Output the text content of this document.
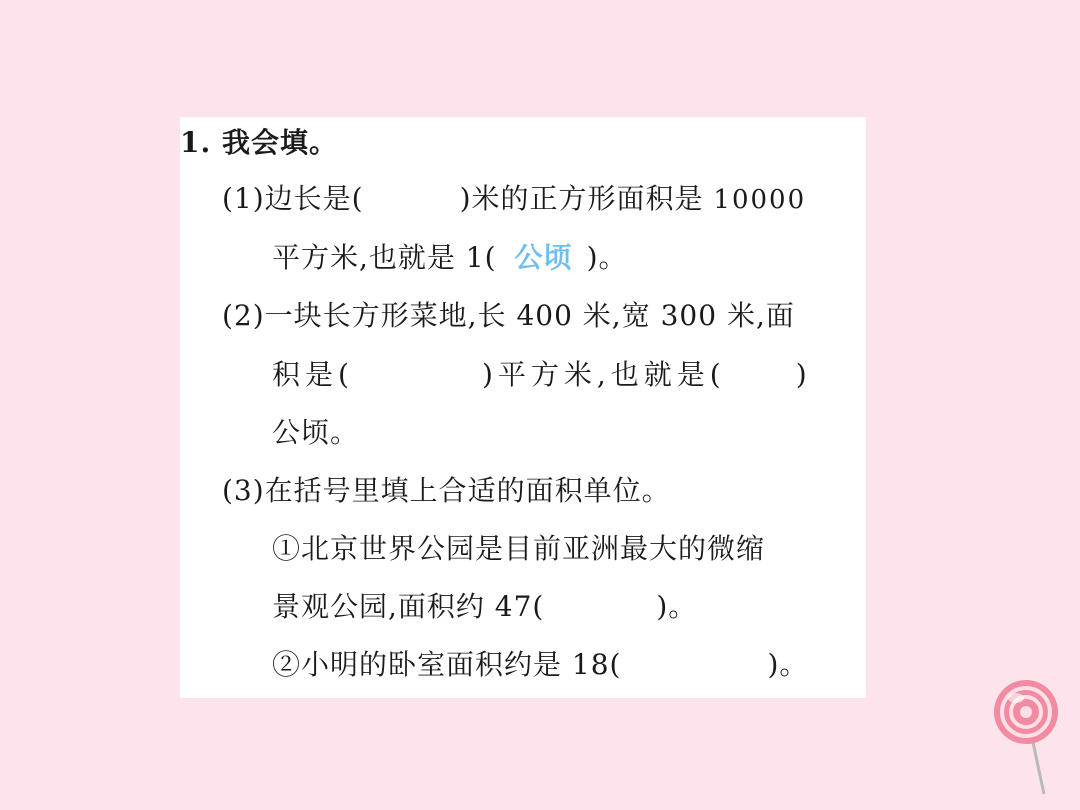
1. 我会填。
(1)边长是(	)米的正方形面积是 10000
平方米,也就是 1( 公顷 )。
(2)一块长方形菜地,长 400 米,宽 300 米,面
积是(	)平方米,也就是(	)
公顷。
(3)在括号里填上合适的面积单位。
①北京世界公园是目前亚洲最大的微缩
景观公园,面积约 47(	)。
②小明的卧室面积约是 18(	)。
